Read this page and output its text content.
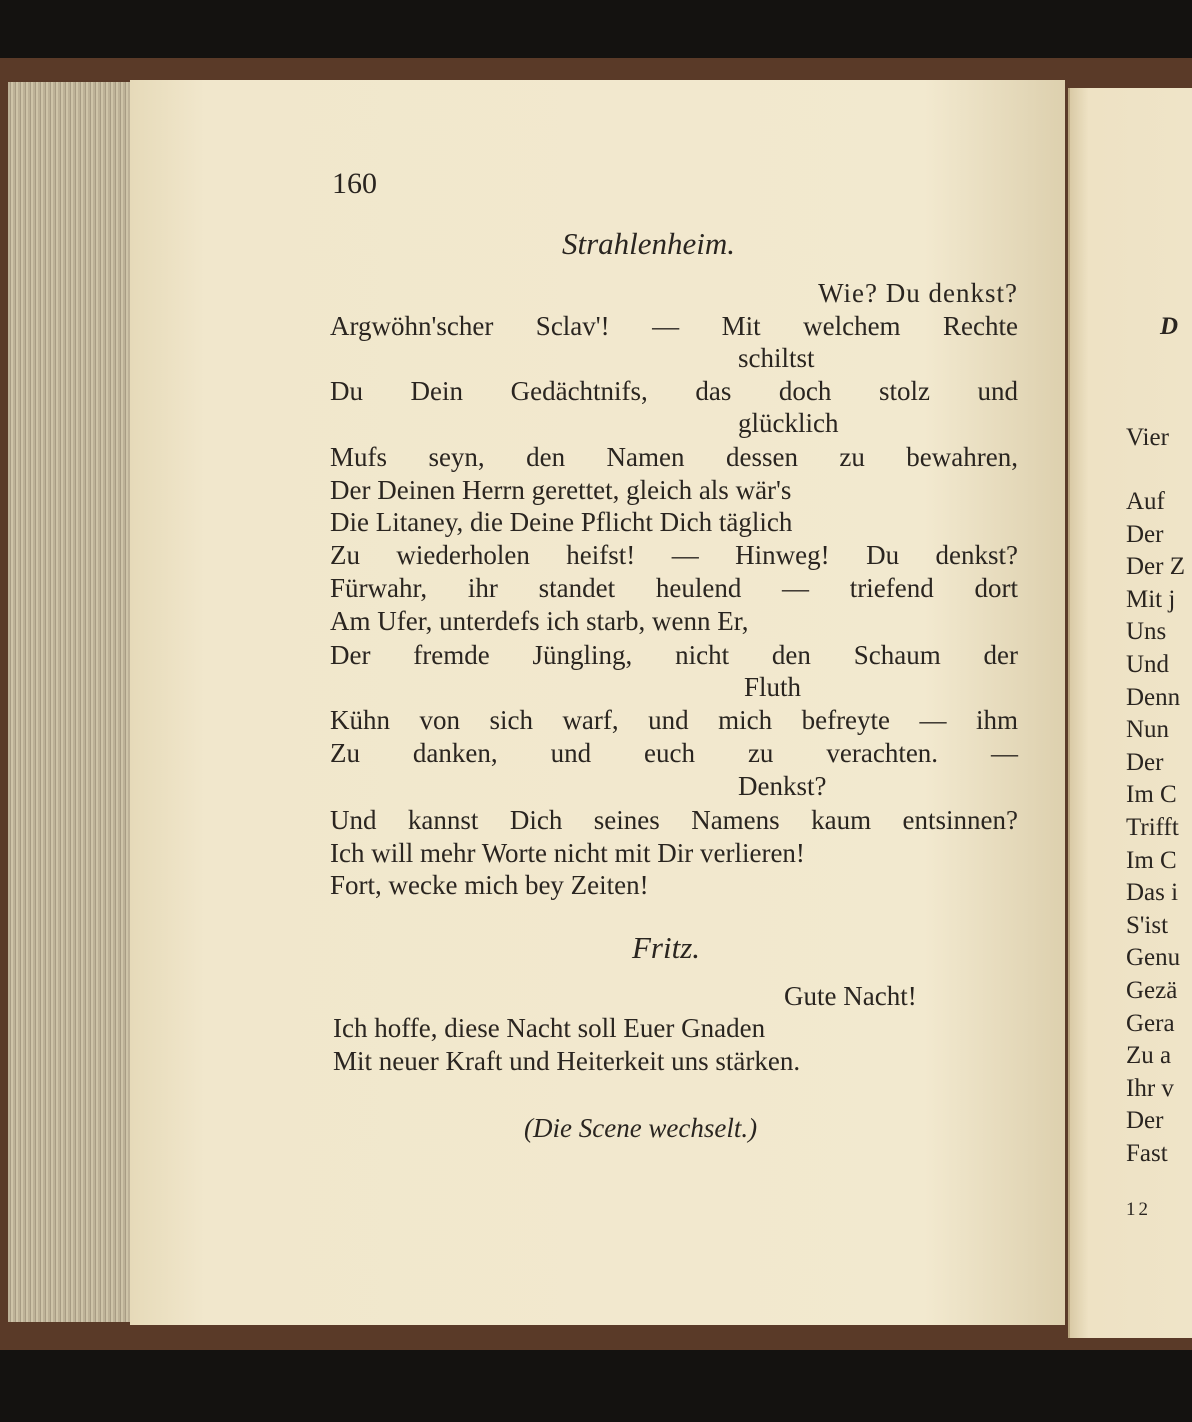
160
Strahlenheim.
Wie? Du denkst?
Argwöhn'scher Sclav'! — Mit welchem Rechte
schiltst
Du Dein Gedächtnifs, das doch stolz und
glücklich
Mufs seyn, den Namen dessen zu bewahren,
Der Deinen Herrn gerettet, gleich als wär's
Die Litaney, die Deine Pflicht Dich täglich
Zu wiederholen heifst! — Hinweg! Du denkst?
Fürwahr, ihr standet heulend — triefend dort
Am Ufer, unterdefs ich starb, wenn Er,
Der fremde Jüngling, nicht den Schaum der
Fluth
Kühn von sich warf, und mich befreyte — ihm
Zu danken, und euch zu verachten. —
Denkst?
Und kannst Dich seines Namens kaum entsinnen?
Ich will mehr Worte nicht mit Dir verlieren!
Fort, wecke mich bey Zeiten!
Fritz.
Gute Nacht!
Ich hoffe, diese Nacht soll Euer Gnaden
Mit neuer Kraft und Heiterkeit uns stärken.
(Die Scene wechselt.)
D
12
Vier
Auf
Der
Der Z
Mit j
Uns
Und
Denn
Nun
Der
Im C
Trifft
Im C
Das i
S'ist
Genu
Gezä
Gera
Zu a
Ihr v
Der
Fast
